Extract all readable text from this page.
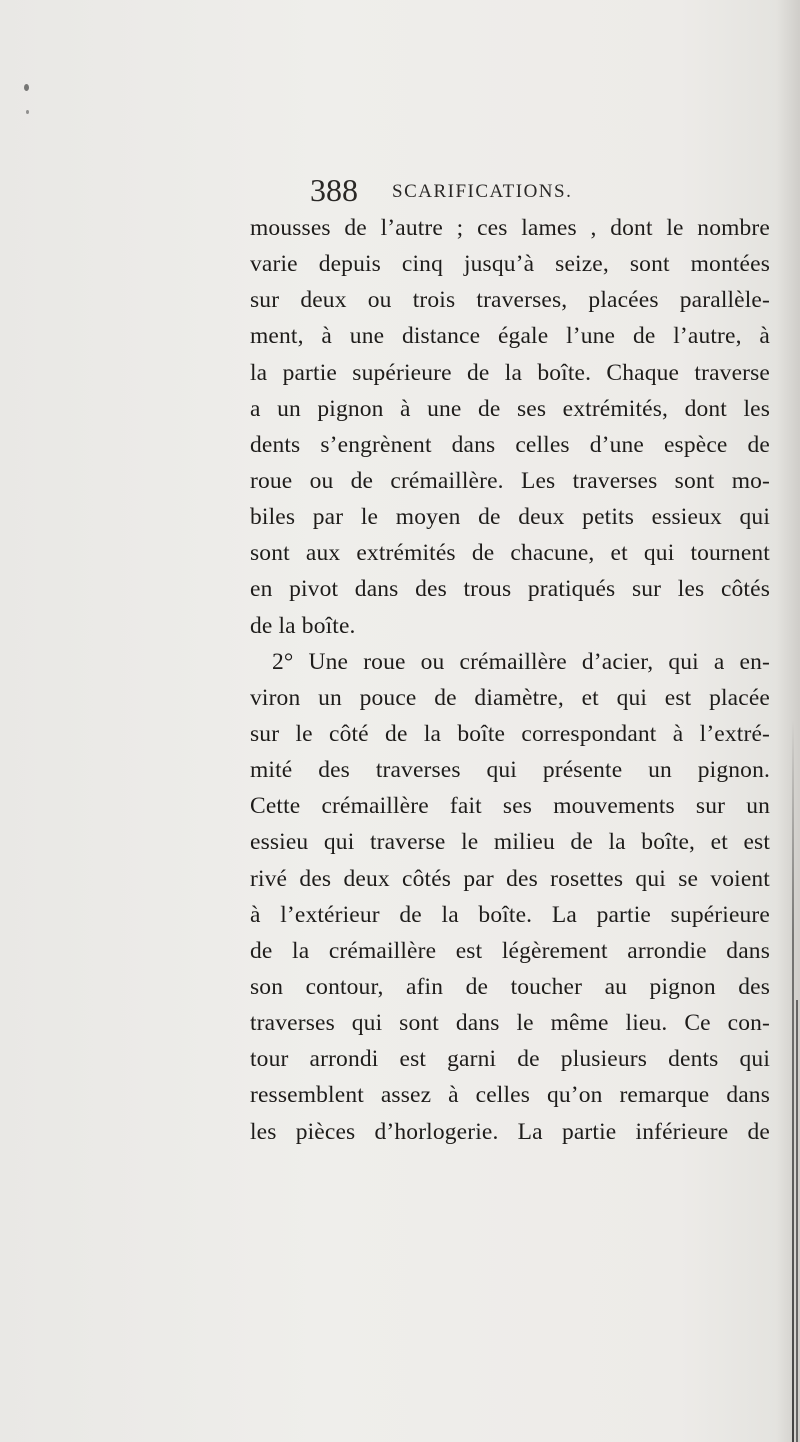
388 SCARIFICATIONS.
mousses de l’autre ; ces lames , dont le nombre
varie depuis cinq jusqu’à seize, sont montées
sur deux ou trois traverses, placées parallèle-
ment, à une distance égale l’une de l’autre, à
la partie supérieure de la boîte. Chaque traverse
a un pignon à une de ses extrémités, dont les
dents s’engrènent dans celles d’une espèce de
roue ou de crémaillère. Les traverses sont mo-
biles par le moyen de deux petits essieux qui
sont aux extrémités de chacune, et qui tournent
en pivot dans des trous pratiqués sur les côtés
de la boîte.
2° Une roue ou crémaillère d’acier, qui a en-
viron un pouce de diamètre, et qui est placée
sur le côté de la boîte correspondant à l’extré-
mité des traverses qui présente un pignon.
Cette crémaillère fait ses mouvements sur un
essieu qui traverse le milieu de la boîte, et est
rivé des deux côtés par des rosettes qui se voient
à l’extérieur de la boîte. La partie supérieure
de la crémaillère est légèrement arrondie dans
son contour, afin de toucher au pignon des
traverses qui sont dans le même lieu. Ce con-
tour arrondi est garni de plusieurs dents qui
ressemblent assez à celles qu’on remarque dans
les pièces d’horlogerie. La partie inférieure de
